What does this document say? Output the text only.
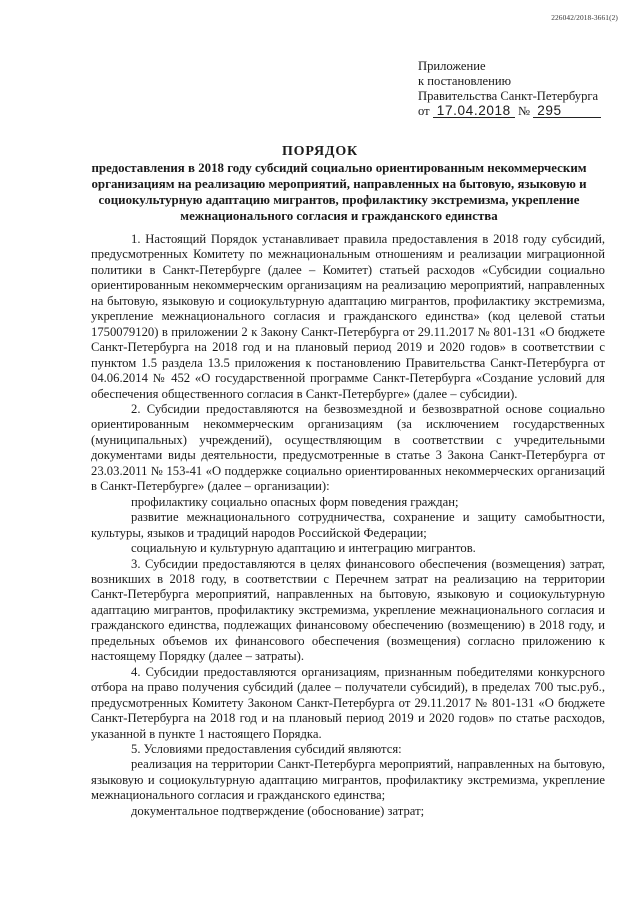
226042/2018-3661(2)
Приложение
к постановлению
Правительства Санкт-Петербурга
от 17.04.2018 № 295
ПОРЯДОК
предоставления в 2018 году субсидий социально ориентированным некоммерческим организациям на реализацию мероприятий, направленных на бытовую, языковую и социокультурную адаптацию мигрантов, профилактику экстремизма, укрепление межнационального согласия и гражданского единства

1. Настоящий Порядок устанавливает правила предоставления в 2018 году субсидий, предусмотренных Комитету по межнациональным отношениям и реализации миграционной политики в Санкт-Петербурге (далее – Комитет) статьей расходов «Субсидии социально ориентированным некоммерческим организациям на реализацию мероприятий, направленных на бытовую, языковую и социокультурную адаптацию мигрантов, профилактику экстремизма, укрепление межнационального согласия и гражданского единства» (код целевой статьи 1750079120) в приложении 2 к Закону Санкт-Петербурга от 29.11.2017 № 801-131 «О бюджете Санкт-Петербурга на 2018 год и на плановый период 2019 и 2020 годов» в соответствии с пунктом 1.5 раздела 13.5 приложения к постановлению Правительства Санкт-Петербурга от 04.06.2014 № 452 «О государственной программе Санкт-Петербурга «Создание условий для обеспечения общественного согласия в Санкт-Петербурге» (далее – субсидии).

2. Субсидии предоставляются на безвозмездной и безвозвратной основе социально ориентированным некоммерческим организациям (за исключением государственных (муниципальных) учреждений), осуществляющим в соответствии с учредительными документами виды деятельности, предусмотренные в статье 3 Закона Санкт-Петербурга от 23.03.2011 № 153-41 «О поддержке социально ориентированных некоммерческих организаций в Санкт-Петербурге» (далее – организации):

профилактику социально опасных форм поведения граждан;

развитие межнационального сотрудничества, сохранение и защиту самобытности, культуры, языков и традиций народов Российской Федерации;

социальную и культурную адаптацию и интеграцию мигрантов.

3. Субсидии предоставляются в целях финансового обеспечения (возмещения) затрат, возникших в 2018 году, в соответствии с Перечнем затрат на реализацию на территории Санкт-Петербурга мероприятий, направленных на бытовую, языковую и социокультурную адаптацию мигрантов, профилактику экстремизма, укрепление межнационального согласия и гражданского единства, подлежащих финансовому обеспечению (возмещению) в 2018 году, и предельных объемов их финансового обеспечения (возмещения) согласно приложению к настоящему Порядку (далее – затраты).

4. Субсидии предоставляются организациям, признанным победителями конкурсного отбора на право получения субсидий (далее – получатели субсидий), в пределах 700 тыс.руб., предусмотренных Комитету Законом Санкт-Петербурга от 29.11.2017 № 801-131 «О бюджете Санкт-Петербурга на 2018 год и на плановый период 2019 и 2020 годов» по статье расходов, указанной в пункте 1 настоящего Порядка.

5. Условиями предоставления субсидий являются:

реализация на территории Санкт-Петербурга мероприятий, направленных на бытовую, языковую и социокультурную адаптацию мигрантов, профилактику экстремизма, укрепление межнационального согласия и гражданского единства;

документальное подтверждение (обоснование) затрат;
